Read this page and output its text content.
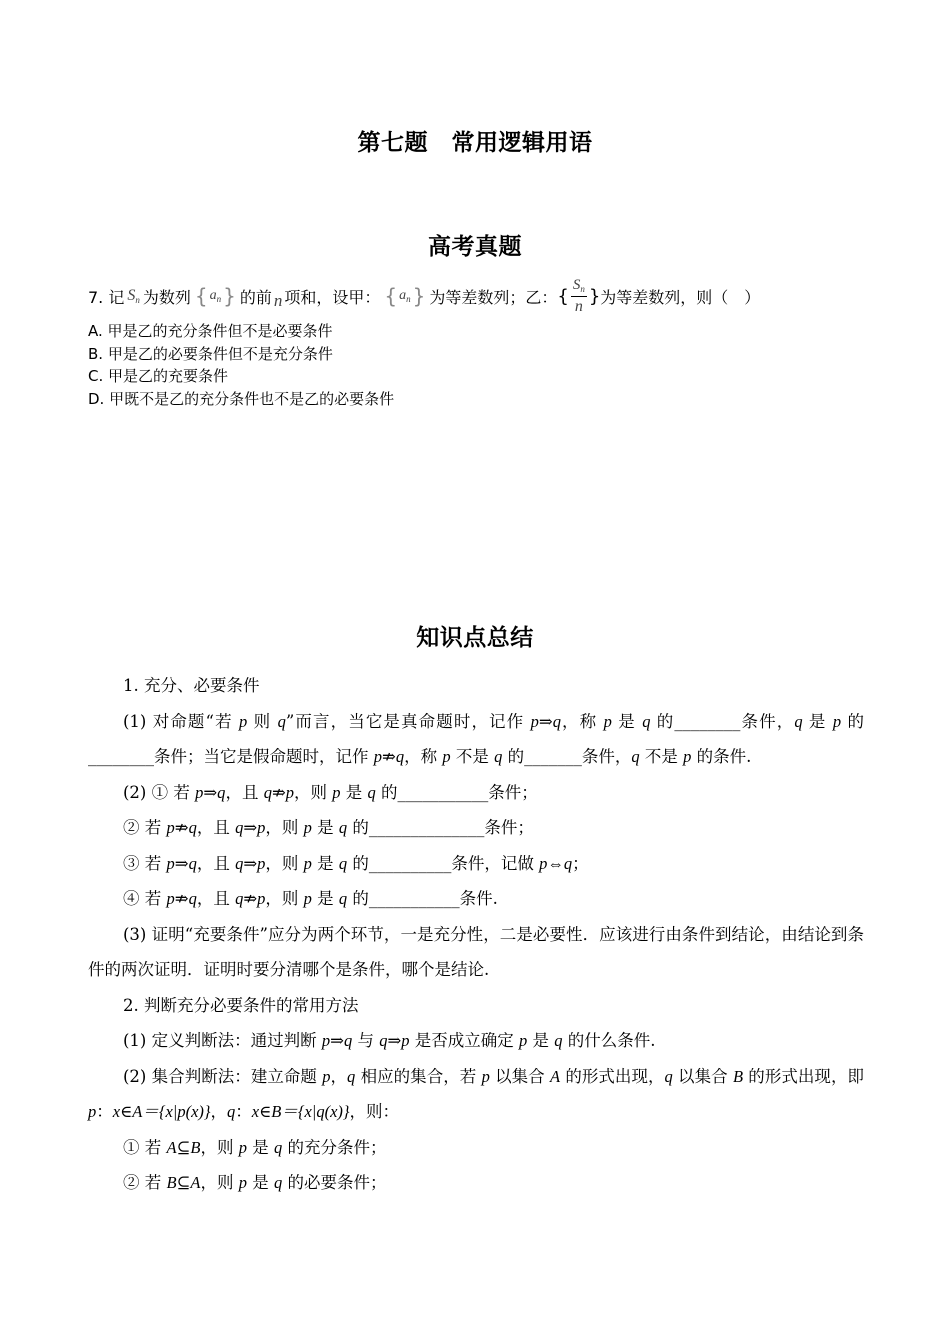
第七题　常用逻辑用语
高考真题
7. 记 $S_n$ 为数列 { $a_n$ } 的前 n 项和，设甲： { $a_n$ } 为等差数列；乙： { $\frac{S_n}{n}$ } 为等差数列，则（　）
A. 甲是乙的充分条件但不是必要条件
B. 甲是乙的必要条件但不是充分条件
C. 甲是乙的充要条件
D. 甲既不是乙的充分条件也不是乙的必要条件
知识点总结

1. 充分、必要条件

(1) 对命题“若 p 则 q”而言，当它是真命题时，记作 p⇒q，称 p 是 q 的________条件，q 是 p 的________条件；当它是假命题时，记作 p⇏q，称 p 不是 q 的_______条件，q 不是 p 的条件.

(2) ① 若 p⇒q，且 q⇏p，则 p 是 q 的___________条件；

② 若 p⇏q，且 q⇒p，则 p 是 q 的______________条件；

③ 若 p⇒q，且 q⇒p，则 p 是 q 的__________条件，记做 p⇔q；

④ 若 p⇏q，且 q⇏p，则 p 是 q 的___________条件.

(3) 证明“充要条件”应分为两个环节，一是充分性，二是必要性．应该进行由条件到结论，由结论到条件的两次证明．证明时要分清哪个是条件，哪个是结论.

2. 判断充分必要条件的常用方法

(1) 定义判断法：通过判断 p⇒q 与 q⇒p 是否成立确定 p 是 q 的什么条件.

(2) 集合判断法：建立命题 p，q 相应的集合，若 p 以集合 A 的形式出现，q 以集合 B 的形式出现，即 p：x∈A＝{x|p(x)}，q：x∈B＝{x|q(x)}，则：

① 若 A⊆B，则 p 是 q 的充分条件；

② 若 B⊆A，则 p 是 q 的必要条件；
